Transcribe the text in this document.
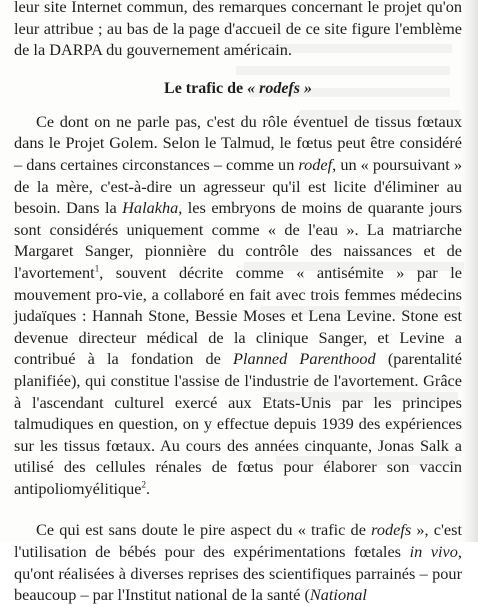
leur site Internet commun, des remarques concernant le projet qu'on leur attribue ; au bas de la page d'accueil de ce site figure l'emblème de la DARPA du gouvernement américain.

Le trafic de « rodefs »

Ce dont on ne parle pas, c'est du rôle éventuel de tissus fœtaux dans le Projet Golem. Selon le Talmud, le fœtus peut être considéré – dans certaines circonstances – comme un rodef, un « poursuivant » de la mère, c'est-à-dire un agresseur qu'il est licite d'éliminer au besoin. Dans la Halakha, les embryons de moins de quarante jours sont considérés uniquement comme « de l'eau ». La matriarche Margaret Sanger, pionnière du contrôle des naissances et de l'avortement$^1$, souvent décrite comme « antisémite » par le mouvement pro-vie, a collaboré en fait avec trois femmes médecins judaïques : Hannah Stone, Bessie Moses et Lena Levine. Stone est devenue directeur médical de la clinique Sanger, et Levine a contribué à la fondation de Planned Parenthood (parentalité planifiée), qui constitue l'assise de l'industrie de l'avortement. Grâce à l'ascendant culturel exercé aux Etats-Unis par les principes talmudiques en question, on y effectue depuis 1939 des expériences sur les tissus fœtaux. Au cours des années cinquante, Jonas Salk a utilisé des cellules rénales de fœtus pour élaborer son vaccin antipoliomyélitique$^2$.

Ce qui est sans doute le pire aspect du « trafic de rodefs », c'est l'utilisation de bébés pour des expérimentations fœtales in vivo, qu'ont réalisées à diverses reprises des scientifiques parrainés – pour beaucoup – par l'Institut national de la santé (National
